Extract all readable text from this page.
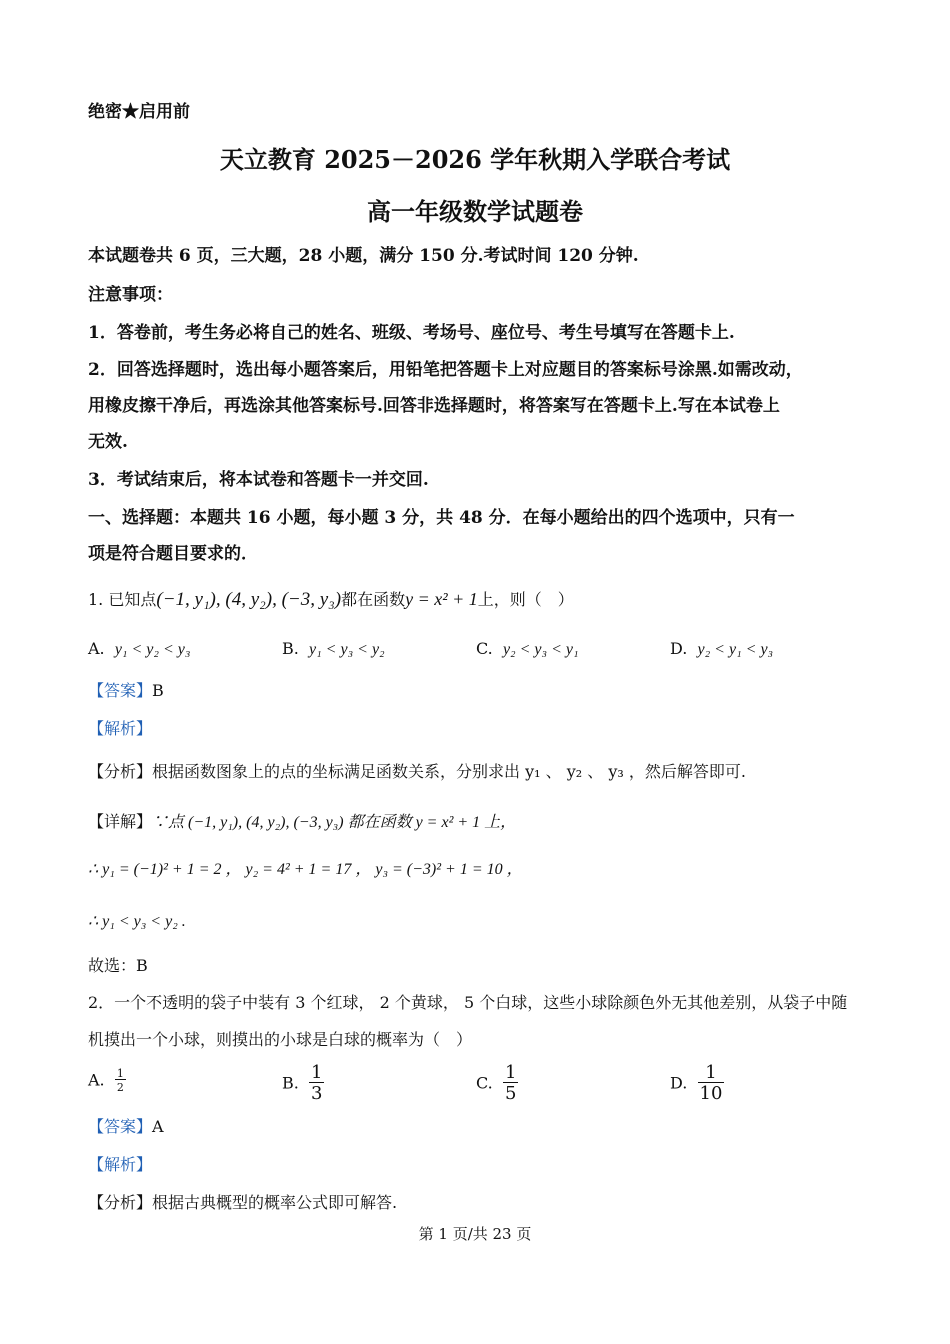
绝密★启用前
天立教育 2025－2026 学年秋期入学联合考试
高一年级数学试题卷
本试题卷共 6 页，三大题，28 小题，满分 150 分.考试时间 120 分钟.
注意事项：
1．答卷前，考生务必将自己的姓名、班级、考场号、座位号、考生号填写在答题卡上.
2．回答选择题时，选出每小题答案后，用铅笔把答题卡上对应题目的答案标号涂黑.如需改动，
用橡皮擦干净后，再选涂其他答案标号.回答非选择题时，将答案写在答题卡上.写在本试卷上
无效.
3．考试结束后，将本试卷和答题卡一并交回.
一、选择题：本题共 16 小题，每小题 3 分，共 48 分．在每小题给出的四个选项中，只有一
项是符合题目要求的．
1. 已知点(−1, y₁), (4, y₂), (−3, y₃)都在函数y = x² + 1上，则（　）
A. y₁ < y₂ < y₃	B. y₁ < y₃ < y₂	C. y₂ < y₃ < y₁	D. y₂ < y₁ < y₃
【答案】B
【解析】
【分析】根据函数图象上的点的坐标满足函数关系，分别求出 y₁ 、 y₂ 、 y₃ ，然后解答即可.
【详解】∵点 (−1, y₁), (4, y₂), (−3, y₃) 都在函数 y = x² + 1 上，
∴ y₁ = (−1)² + 1 = 2 ， y₂ = 4² + 1 = 17 ， y₃ = (−3)² + 1 = 10 ，
∴ y₁ < y₃ < y₂ .
故选：B
2．一个不透明的袋子中装有 3 个红球， 2 个黄球， 5 个白球，这些小球除颜色外无其他差别，从袋子中随
机摸出一个小球，则摸出的小球是白球的概率为（　）
A. $\frac{1}{2}$	B. $\frac{1}{3}$	C. $\frac{1}{5}$	D. $\frac{1}{10}$
【答案】A
【解析】
【分析】根据古典概型的概率公式即可解答.
第 1 页/共 23 页
